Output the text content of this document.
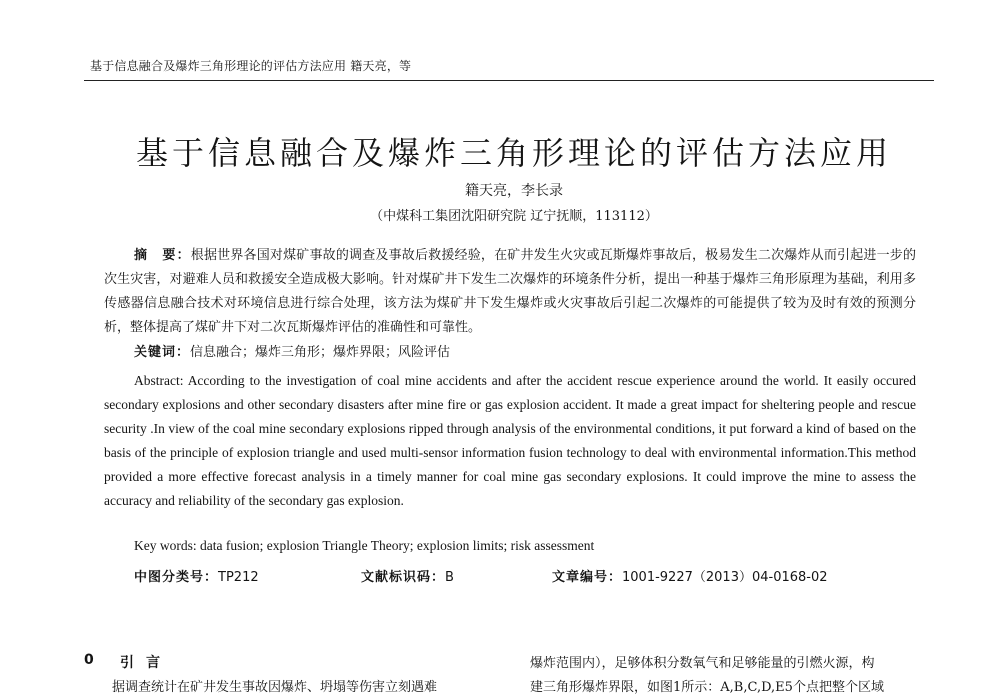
基于信息融合及爆炸三角形理论的评估方法应用 籍天亮，等
基于信息融合及爆炸三角形理论的评估方法应用
籍天亮，李长录
（中煤科工集团沈阳研究院 辽宁抚顺，113112）
摘　要：根据世界各国对煤矿事故的调查及事故后救援经验，在矿井发生火灾或瓦斯爆炸事故后，极易发生二次爆炸从而引起进一步的次生灾害，对避难人员和救援安全造成极大影响。针对煤矿井下发生二次爆炸的环境条件分析，提出一种基于爆炸三角形原理为基础，利用多传感器信息融合技术对环境信息进行综合处理，该方法为煤矿井下发生爆炸或火灾事故后引起二次爆炸的可能提供了较为及时有效的预测分析，整体提高了煤矿井下对二次瓦斯爆炸评估的准确性和可靠性。
关键词：信息融合；爆炸三角形；爆炸界限；风险评估
Abstract: According to the investigation of coal mine accidents and after the accident rescue experience around the world. It easily occured secondary explosions and other secondary disasters after mine fire or gas explosion accident. It made a great impact for sheltering people and rescue security .In view of the coal mine secondary explosions ripped through analysis of the environmental conditions, it put forward a kind of based on the basis of the principle of explosion triangle and used multi-sensor information fusion technology to deal with environmental information.This method provided a more effective forecast analysis in a timely manner for coal mine gas secondary explosions. It could improve the mine to assess the accuracy and reliability of the secondary gas explosion.
Key words: data fusion; explosion Triangle Theory; explosion limits; risk assessment
中图分类号：TP212	文献标识码：B	文章编号：1001-9227（2013）04-0168-02
0 引言
据调查统计在矿井发生事故因爆炸、坍塌等伤害立刻遇难
爆炸范围内），足够体积分数氧气和足够能量的引燃火源，构
建三角形爆炸界限，如图1所示：A,B,C,D,E5个点把整个区域
